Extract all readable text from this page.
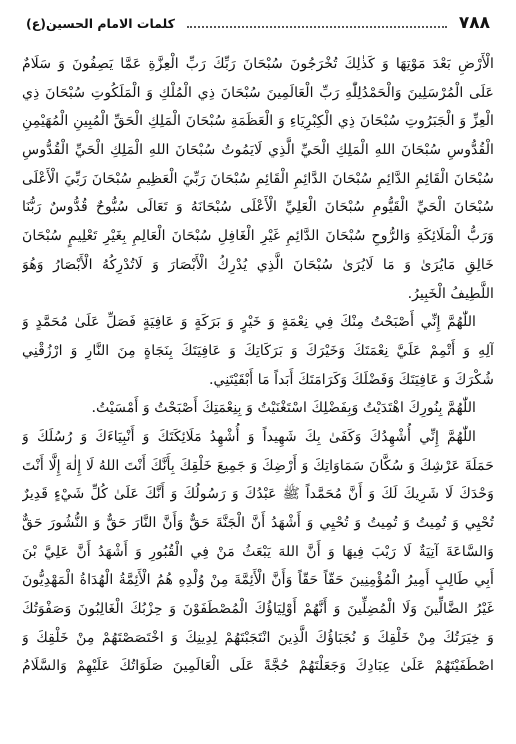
٧٨٨
كلمات الامام الحسين(ع)
الْأَرْضِ بَعْدَ مَوْتِهَا وَ كَذٰلِكَ تُخْرَجُونَ سُبْحَانَ رَبِّكَ رَبِّ الْعِزَّةِ عَمَّا يَصِفُونَ وَ سَلَامٌ
عَلَى الْمُرْسَلِينَ وَالْحَمْدُلِلّٰهِ رَبِّ الْعَالَمِينَ سُبْحَانَ ذِي الْمُلْكِ وَ الْمَلَكُوتِ سُبْحَانَ ذِي
الْعِزِّ وَ الْجَبَرُوتِ سُبْحَانَ ذِي الْكِبْرِيَاءِ وَ الْعَظَمَةِ سُبْحَانَ الْمَلِكِ الْحَقِّ الْمُبِينِ الْمُهَيْمِنِ
الْقُدُّوسِ سُبْحَانَ اللهِ الْمَلِكِ الْحَيِّ الَّذِي لَايَمُوتُ سُبْحَانَ اللهِ الْمَلِكِ الْحَيِّ الْقُدُّوسِ
سُبْحَانَ الْقَائِمِ الدَّائِمِ سُبْحَانَ الدَّائِمِ الْقَائِمِ سُبْحَانَ رَبِّيَ الْعَظِيمِ سُبْحَانَ رَبِّيَ الْأَعْلَى
سُبْحَانَ الْحَيِّ الْقَيُّومِ سُبْحَانَ الْعَلِيِّ الْأَعْلَى سُبْحَانَهُ وَ تَعَالَى سُبُّوحٌ قُدُّوسٌ رَبُّنَا
وَرَبُّ الْمَلَائِكَةِ وَالرُّوحِ سُبْحَانَ الدَّائِمِ غَيْرِ الْغَافِلِ سُبْحَانَ الْعَالِمِ بِغَيْرِ تَعْلِيمٍ سُبْحَانَ
خَالِقِ مَايُرَىٰ وَ مَا لَايُرَىٰ سُبْحَانَ الَّذِي يُدْرِكُ الْأَبْصَارَ وَ لَاتُدْرِكُهُ الْأَبْصَارُ وَهُوَ
اللَّطِيفُ الْخَبِيرُ.
اللّٰهُمَّ إِنِّي أَصْبَحْتُ مِنْكَ فِي نِعْمَةٍ وَ خَيْرٍ وَ بَرَكَةٍ وَ عَافِيَةٍ فَصَلِّ عَلَىٰ مُحَمَّدٍ وَ
آلِهِ وَ أَتْمِمْ عَلَيَّ نِعْمَتَكَ وَخَيْرَكَ وَ بَرَكَاتِكَ وَ عَافِيَتَكَ بِنَجَاةٍ مِنَ النَّارِ وَ ارْزُقْنِي
شُكْرَكَ وَ عَافِيَتَكَ وَفَضْلَكَ وَكَرَامَتَكَ أَبَداً مَا أَبْقَيْتَنِي.
اللّٰهُمَّ بِنُورِكَ اهْتَدَيْتُ وَبِفَضْلِكَ اسْتَغْنَيْتُ وَ بِنِعْمَتِكَ أَصْبَحْتُ وَ أَمْسَيْتُ.
اللّٰهُمَّ إِنِّي أُشْهِدُكَ وَكَفَىٰ بِكَ شَهِيداً وَ أُشْهِدُ مَلَائِكَتَكَ وَ أَنْبِيَاءَكَ وَ رُسُلَكَ وَ
حَمَلَةَ عَرْشِكَ وَ سُكَّانَ سَمَاوَاتِكَ وَ أَرْضِكَ وَ جَمِيعَ خَلْقِكَ بِأَنَّكَ أَنْتَ اللهُ لَا إِلٰهَ إِلَّا أَنْتَ
وَحْدَكَ لَا شَرِيكَ لَكَ وَ أَنَّ مُحَمَّداً ﷺ عَبْدُكَ وَ رَسُولُكَ وَ أَنَّكَ عَلَىٰ كُلِّ شَيْءٍ قَدِيرٌ
تُحْيِي وَ تُمِيتُ وَ تُمِيتُ وَ تُحْيِي وَ أَشْهَدُ أَنَّ الْجَنَّةَ حَقٌّ وَأَنَّ النَّارَ حَقٌّ وَ النُّشُورَ حَقٌّ
وَالسَّاعَةَ آتِيَةٌ لَا رَيْبَ فِيهَا وَ أَنَّ اللهَ يَبْعَثُ مَنْ فِي الْقُبُورِ وَ أَشْهَدُ أَنَّ عَلِيَّ بْنَ
أَبِي طَالِبٍ أَمِيرُ الْمُؤْمِنِينَ حَقّاً حَقّاً وَأَنَّ الْأَئِمَّةَ مِنْ وُلْدِهِ هُمُ الْأَئِمَّةُ الْهُدَاةُ الْمَهْدِيُّونَ
غَيْرُ الضَّالِّينَ وَلَا الْمُضِلِّينَ وَ أَنَّهُمْ أَوْلِيَاؤُكَ الْمُصْطَفَوْنَ وَ حِزْبُكَ الْغَالِبُونَ وَصَفْوَتُكَ
وَ خِيَرَتُكَ مِنْ خَلْقِكَ وَ نُجَبَاؤُكَ الَّذِينَ انْتَجَبْتَهُمْ لِدِينِكَ وَ اخْتَصَصْتَهُمْ مِنْ خَلْقِكَ وَ
اصْطَفَيْتَهُمْ عَلَىٰ عِبَادِكَ وَجَعَلْتَهُمْ حُجَّةً عَلَى الْعَالَمِينَ صَلَوَاتُكَ عَلَيْهِمْ وَالسَّلَامُ
